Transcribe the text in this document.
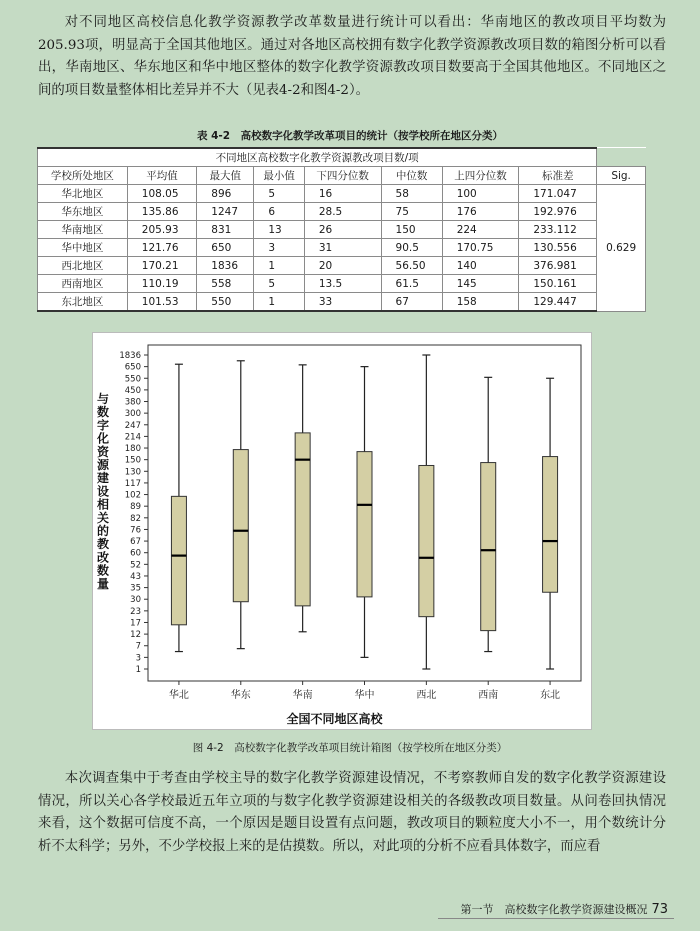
对不同地区高校信息化教学资源教学改革数量进行统计可以看出：华南地区的教改项目平均数为205.93项，明显高于全国其他地区。通过对各地区高校拥有数字化教学资源教改项目数的箱图分析可以看出，华南地区、华东地区和华中地区整体的数字化教学资源教改项目数要高于全国其他地区。不同地区之间的项目数量整体相比差异并不大（见表4-2和图4-2）。

表 4-2　高校数字化教学改革项目的统计（按学校所在地区分类）
不同地区高校数字化教学资源教改项目数/项								
学校所处地区	平均值	最大值	最小值	下四分位数	中位数	上四分位数	标准差	Sig.
华北地区	108.05	896	5	16	58	100	171.047	0.629
华东地区	135.86	1247	6	28.5	75	176	192.976	
华南地区	205.93	831	13	26	150	224	233.112	
华中地区	121.76	650	3	31	90.5	170.75	130.556	
西北地区	170.21	1836	1	20	56.50	140	376.981	
西南地区	110.19	558	5	13.5	61.5	145	150.161	
东北地区	101.53	550	1	33	67	158	129.447	
1836
650
550
450
380
300
247
214
180
150
130
117
102
89
82
76
67
60
52
43
35
30
23
17
12
7
3
1
华北	华东	华南	华中	西北	西南	东北
全国不同地区高校
与数字化资源建设相关的教改数量
图 4-2　高校数字化教学改革项目统计箱图（按学校所在地区分类）

本次调查集中于考查由学校主导的数字化教学资源建设情况，不考察教师自发的数字化教学资源建设情况，所以关心各学校最近五年立项的与数字化教学资源建设相关的各级教改项目数量。从问卷回执情况来看，这个数据可信度不高，一个原因是题目设置有点问题，教改项目的颗粒度大小不一，用个数统计分析不太科学；另外，不少学校报上来的是估摸数。所以，对此项的分析不应看具体数字，而应看

第一节　高校数字化教学资源建设概况 73
